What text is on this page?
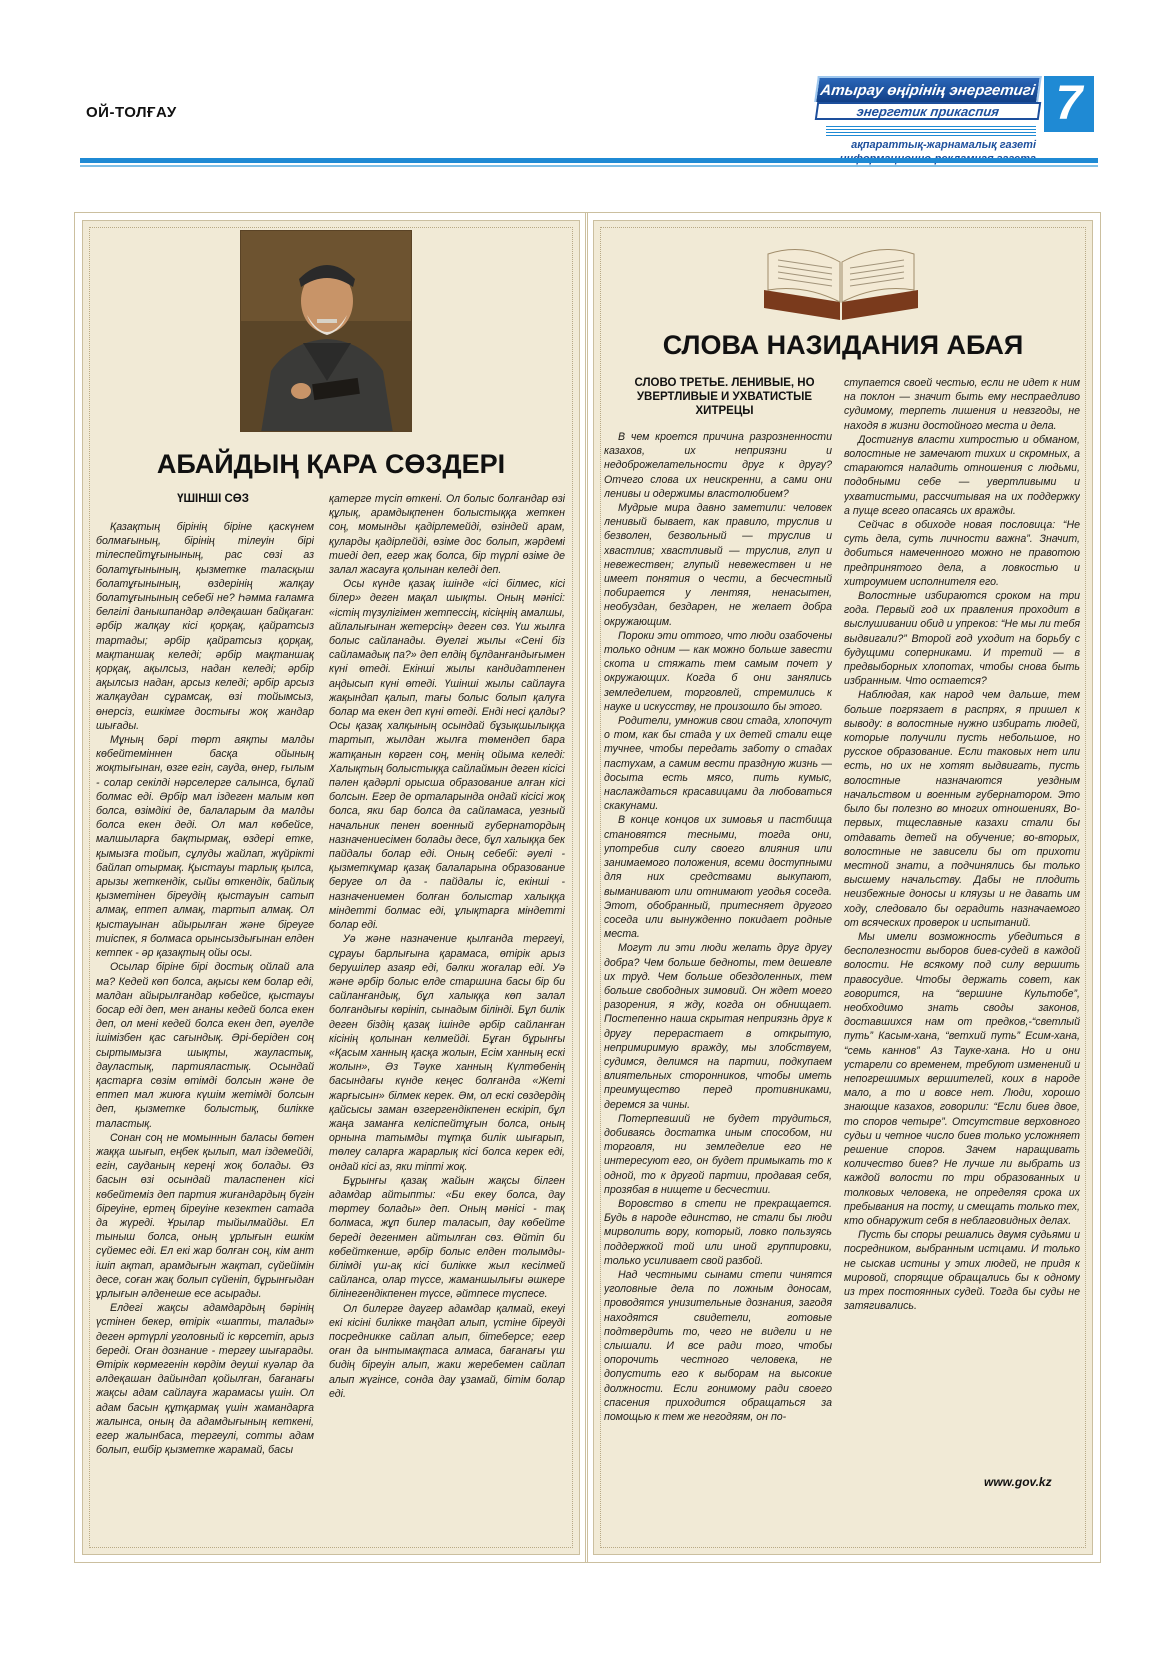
ОЙ-ТОЛҒАУ
Атырау өңірінің энергетигі
энергетик прикаспия	7
ақпараттық-жарнамалық газеті
АБАЙДЫҢ ҚАРА СӨЗДЕРІ
СЛОВА НАЗИДАНИЯ АБАЯ
ҮШІНШІ СӨЗ
СЛОВО ТРЕТЬЕ. ЛЕНИВЫЕ, НО УВЕРТЛИВЫЕ И УХВАТИСТЫЕ ХИТРЕЦЫ

Қазақтың бірінің біріне қаскүнем болмағының, бірінің тілеуін бірі тілеспейтұғынының, рас сөзі аз болатұғынының, қызметке таласқыш болатұғынының, өздерінің жалқау болатұғынының себебі не? Һәмма ғаламға белгілі данышпандар әлдеқашан байқаған: әрбір жалқау кісі қорқақ, қайратсыз тартады; әрбір қайратсыз қорқақ, мақтаншақ келеді; әрбір мақтаншақ қорқақ, ақылсыз, надан келеді; әрбір ақылсыз надан, арсыз келеді; әрбір арсыз жалқаудан сұрамсақ, өзі тойымсыз, өнерсіз, ешкімге достығы жоқ жандар шығады.

Мұның бәрі төрт аяқты малды көбейтеміннен басқа ойының жоқтығынан, өзге егін, сауда, өнер, ғылым - солар секілді нәрселерге салынса, бұлай болмас еді. Әрбір мал іздеген малым көп болса, өзімдікі де, балаларым да малды болса екен деді. Ол мал көбейсе, малшыларға бақтырмақ, өздері етке, қымызға тойып, сұлуды жайлап, жүйрікті байлап отырмақ. Қыстауы тарлық қылса, арызы жеткендік, сыйы өткендік, байлық қызметінен біреудің қыстауын сатып алмақ, ептеп алмақ, тартып алмақ. Ол қыстауынан айырылған және біреуге тиіспек, я болмаса орынсыздығынан елден кетпек - әр қазақтың ойы осы.

Осылар біріне бірі достық ойлай ала ма? Кедей көп болса, ақысы кем болар еді, малдан айырылғандар көбейсе, қыстауы босар еді деп, мен ананы кедей болса екен деп, ол мені кедей болса екен деп, әуелде ішімізбен қас сағындық. Әрі-беріден соң сыртымызға шықты, жауластық, дауластық, партияластық. Осындай қастарға сөзім өтімді болсын және де ептеп мал жиюға күшім жетімді болсын деп, қызметке болыстық, билікке таластық.

Сонан соң не момыннын баласы бөтен жаққа шығып, еңбек қылып, мал іздемейді, егін, сауданың кереңі жоқ болады. Өз басын өзі осындай таласпенен кісі көбейтеміз деп партия жиғандардың бүгін біреуіне, ертең біреуіне кезектен сатада да жүреді. Ұрылар тыйылмайды. Ел тыныш болса, оның ұрлығын ешкім сүйемес еді. Ел екі жар болған соң, кім ант ішіп ақтап, арамдығын жақтап, сүйейімін десе, соған жақ болып сүйеніп, бұрынғыдан ұрлығын әлденеше есе асырады.

Елдегі жақсы адамдардың бәрінің үстінен бекер, өтірік «шапты, талады» деген әртүрлі уголовный іс көрсетіп, арыз береді. Оған дознание - тергеу шығарады. Өтірік көрмегенін көрдім деуші куәлар да әлдеқашан дайындап қойылған, бағанағы жақсы адам сайлауға жарамасы үшін. Ол адам басын құтқармақ үшін жамандарға жалынса, оның да адамдығының кеткені, егер жалынбаса, тергеулі, сотты адам болып, ешбір қызметке жарамай, басы

қатерге түсіп өткені. Ол болыс болғандар өзі құлық, арамдықпенен болыстыққа жеткен соң, момынды қадірлемейді, өзіндей арам, қуларды қадірлейді, өзіме дос болып, жәрдемі тиеді деп, егер жақ болса, бір түрлі өзіме де залал жасауға қолынан келеді деп.

Осы күнде қазақ ішінде «ісі білмес, кісі білер» деген мақал шықты. Оның мәнісі: «істің түзулігімен жетпессің, кісіңнің амалшы, айлалығынан жетерсің» деген сөз. Үш жылға болыс сайланады. Әуелгі жылы «Сені біз сайламадық па?» деп елдің бұлданғандығымен күні өтеді. Екінші жылы кандидатпенен аңдысып күні өтеді. Үшінші жылы сайлауға жақындап қалып, тағы болыс болып қалуға болар ма екен деп күні өтеді. Енді несі қалды? Осы қазақ халқының осындай бұзықшылыққа тартып, жылдан жылға төмендеп бара жатқанын көрген соң, менің ойыма келеді: Халықтың болыстыққа сайлаймын деген кісісі пәлен қадәрлі орысша образование алған кісі болсын. Егер де орталарында ондай кісісі жоқ болса, яки бар болса да сайламаса, уезный начальник пенен военный губернатордың назначениесімен болады десе, бұл халыққа бек пайдалы болар еді. Оның себебі: әуелі - қызметкұмар қазақ балаларына образование беруге ол да - пайдалы іс, екінші - назначениемен болған болыстар халыққа міндетті болмас еді, ұлықтарға міндетті болар еді.

Уә және назначение қылғанда тергеуі, сұрауы барлығына қарамаса, өтірік арыз берушілер азаяр еді, бәлки жоғалар еді. Уә және әрбір болыс елде старшина басы бір би сайланғандық, бұл халыққа көп залал болғандығы көрініп, сынадым білінді. Бұл билік деген біздің қазақ ішінде әрбір сайланған кісінің қолынан келмейді. Бұған бұрынғы «Қасым ханның қасқа жолын, Есім ханның ескі жолын», Әз Тәуке ханның Күлтөбенің басындағы күнде кеңес болғанда «Жеті жарғысын» білмек керек. Әм, ол ескі сөздердің қайсысы заман өзгергендікпенен ескіріп, бұл жаңа заманға келіспейтұғын болса, оның орнына татымды тұтқа билік шығарып, төлеу саларға жарарлық кісі болса керек еді, ондай кісі аз, яки тіпті жоқ.

Бұрынғы қазақ жайын жақсы білген адамдар айтыпты: «Би екеу болса, дау төртеу болады» деп. Оның мәнісі - тақ болмаса, жұп билер таласып, дау көбейте береді дегенмен айтылған сөз. Өйтіп би көбейткенше, әрбір болыс елден толымды-білімді үш-ақ кісі билікке жыл кесілмей сайланса, олар түссе, жаманшылығы әшкере білінегендікпенен түссе, әйтпесе түспесе.

Ол билерге даугер адамдар қалмай, екеуі екі кісіні билікке таңдап алып, үстіне біреуді посредникке сайлап алып, бітеберсе; егер оған да ынтымақтаса алмаса, бағанағы үш бидің біреуін алып, жаки жеребемен сайлап алып жүгінсе, сонда дау ұзамай, бітім болар еді.

В чем кроется причина разрозненности казахов, их неприязни и недоброжелательности друг к другу? Отчего слова их неискренни, а сами они ленивы и одержимы властолюбием?

Мудрые мира давно заметили: человек ленивый бывает, как правило, труслив и безволен, безвольный — труслив и хвастлив; хвастливый — труслив, глуп и невежествен; глупый невежествен и не имеет понятия о чести, а бесчестный побирается у лентяя, ненасытен, необуздан, бездарен, не желает добра окружающим.

Пороки эти оттого, что люди озабочены только одним — как можно больше завести скота и стяжать тем самым почет у окружающих. Когда б они занялись земледелием, торговлей, стремились к науке и искусству, не произошло бы этого.

Родители, умножив свои стада, хлопочут о том, как бы стада у их детей стали еще тучнее, чтобы передать заботу о стадах пастухам, а самим вести праздную жизнь — досыта есть мясо, пить кумыс, наслаждаться красавицами да любоваться скакунами.

В конце концов их зимовья и пастбища становятся тесными, тогда они, употребив силу своего влияния или занимаемого положения, всеми доступными для них средствами выкупают, выманивают или отнимают угодья соседа. Этот, обобранный, притесняет другого соседа или вынужденно покидает родные места.

Могут ли эти люди желать друг другу добра? Чем больше бедноты, тем дешевле их труд. Чем больше обездоленных, тем больше свободных зимовий. Он ждет моего разорения, я жду, когда он обнищает. Постепенно наша скрытая неприязнь друг к другу перерастает в открытую, непримиримую вражду, мы злобствуем, судимся, делимся на партии, подкупаем влиятельных сторонников, чтобы иметь преимущество перед противниками, деремся за чины.

Потерпевший не будет трудиться, добиваясь достатка иным способом, ни торговля, ни земледелие его не интересуют его, он будет примыкать то к одной, то к другой партии, продавая себя, прозябая в нищете и бесчестии.

Воровство в степи не прекращается. Будь в народе единство, не стали бы люди мирволить вору, который, ловко пользуясь поддержкой той или иной группировки, только усиливает свой разбой.

Над честными сынами степи чинятся уголовные дела по ложным доносам, проводятся унизительные дознания, загодя находятся свидетели, готовые подтвердить то, чего не видели и не слышали. И все ради того, чтобы опорочить честного человека, не допустить его к выборам на высокие должности. Если гонимому ради своего спасения приходится обращаться за помощью к тем же негодяям, он по-

ступается своей честью, если не идет к ним на поклон — значит быть ему неспраедливо судимому, терпеть лишения и невзгоды, не находя в жизни достойного места и дела.

Достигнув власти хитростью и обманом, волостные не замечают тихих и скромных, а стараются наладить отношения с людьми, подобными себе — увертливыми и ухватистыми, рассчитывая на их поддержку а пуще всего опасаясь их вражды.

Сейчас в обиходе новая пословица: “Не суть дела, суть личности важна”. Значит, добиться намеченного можно не правотою предпринятого дела, а ловкостью и хитроумием исполнителя его.

Волостные избираются сроком на три года. Первый год их правления проходит в выслушивании обид и упреков: “Не мы ли тебя выдвигали?” Второй год уходит на борьбу с будущими соперниками. И третий — в предвыборных хлопотах, чтобы снова быть избранным. Что остается?

Наблюдая, как народ чем дальше, тем больше погрязает в распрях, я пришел к выводу: в волостные нужно избирать людей, которые получили пусть небольшое, но русское образование. Если таковых нет или есть, но их не хотят выдвигать, пусть волостные назначаются уездным начальством и военным губернатором. Это было бы полезно во многих отношениях, Во-первых, тщеславные казахи стали бы отдавать детей на обучение; во-вторых, волостные не зависели бы от прихоти местной знати, а подчинялись бы только высшему начальству. Дабы не плодить неизбежные доносы и кляузы и не давать им ходу, следовало бы оградить назначаемого от всяческих проверок и испытаний.

Мы имели возможность убедиться в бесполезности выборов биев-судей в каждой волости. Не всякому под силу вершить правосудие. Чтобы держать совет, как говорится, на “вершине Культобе”, необходимо знать своды законов, доставшихся нам от предков,-“светлый путь” Касым-хана, “ветхий путь” Есим-хана, “семь каннов” Аз Тауке-хана. Но и они устарели со временем, требуют изменений и непогрешимых вершителей, коих в народе мало, а то и вовсе нет. Люди, хорошо знающие казахов, говорили: “Если биев двое, то споров четыре”. Отсутствие верховного судьи и четное число биев только усложняет решение споров. Зачем наращивать количество биев? Не лучше ли выбрать из каждой волости по три образованных и толковых человека, не определяя срока их пребывания на посту, и смещать только тех, кто обнаружит себя в неблаговидных делах.

Пусть бы споры решались двумя судьями и посредником, выбранным истцами. И только не сыскав истины у этих людей, не придя к мировой, спорящие обращались бы к одному из трех постоянных судей. Тогда бы суды не затягивались.

www.gov.kz
